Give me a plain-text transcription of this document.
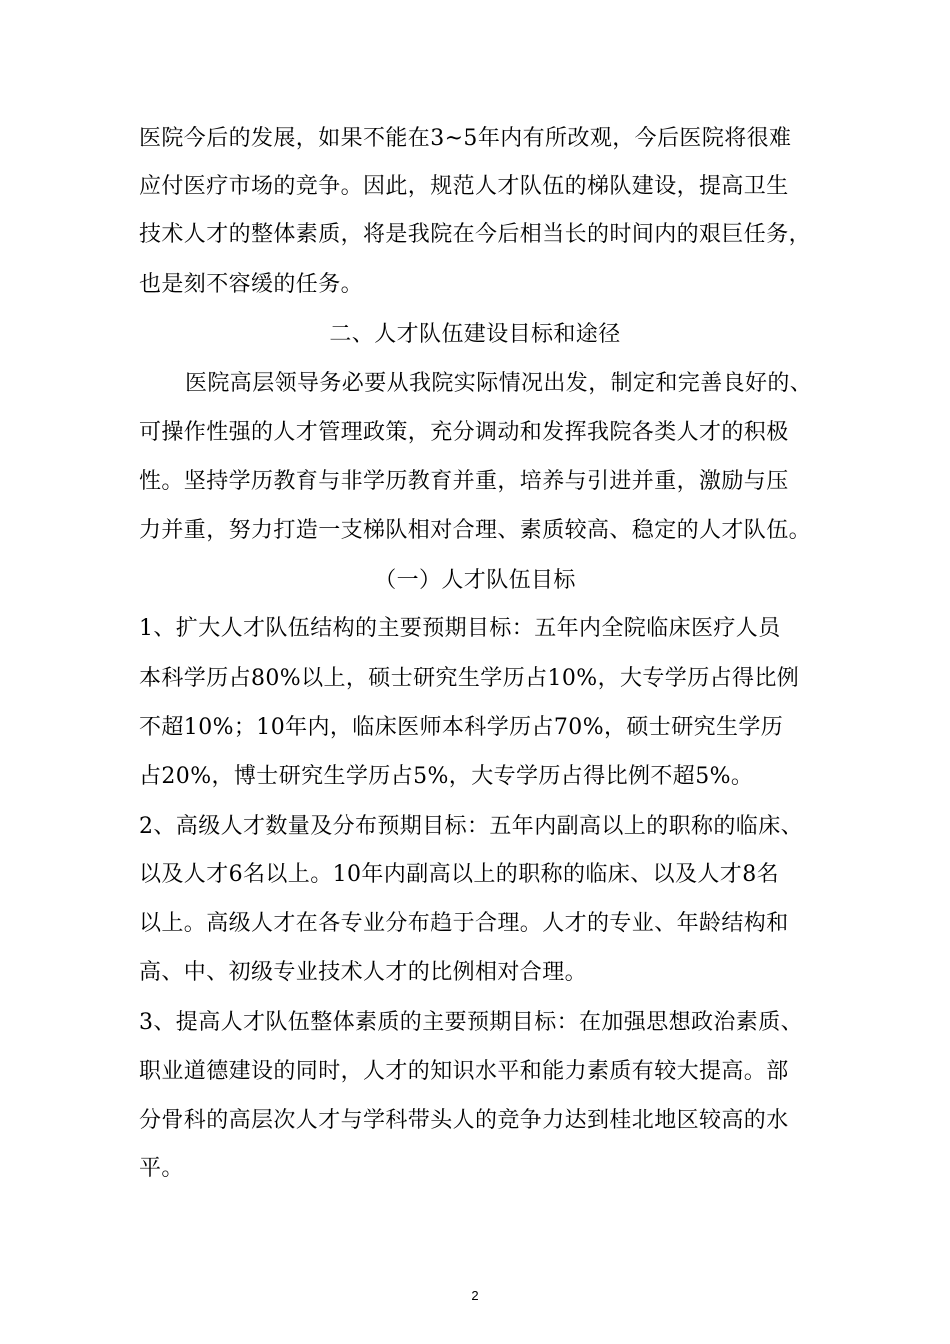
医院今后的发展，如果不能在3~5年内有所改观，今后医院将很难
应付医疗市场的竞争。因此，规范人才队伍的梯队建设，提高卫生
技术人才的整体素质，将是我院在今后相当长的时间内的艰巨任务，
也是刻不容缓的任务。
二、人才队伍建设目标和途径
医院高层领导务必要从我院实际情况出发，制定和完善良好的、
可操作性强的人才管理政策，充分调动和发挥我院各类人才的积极
性。坚持学历教育与非学历教育并重，培养与引进并重，激励与压
力并重，努力打造一支梯队相对合理、素质较高、稳定的人才队伍。
（一）人才队伍目标
1、扩大人才队伍结构的主要预期目标：五年内全院临床医疗人员
本科学历占80%以上，硕士研究生学历占10%，大专学历占得比例
不超10%；10年内，临床医师本科学历占70%，硕士研究生学历
占20%，博士研究生学历占5%，大专学历占得比例不超5%。
2、高级人才数量及分布预期目标：五年内副高以上的职称的临床、
以及人才6名以上。10年内副高以上的职称的临床、以及人才8名
以上。高级人才在各专业分布趋于合理。人才的专业、年龄结构和
高、中、初级专业技术人才的比例相对合理。
3、提高人才队伍整体素质的主要预期目标：在加强思想政治素质、
职业道德建设的同时，人才的知识水平和能力素质有较大提高。部
分骨科的高层次人才与学科带头人的竞争力达到桂北地区较高的水
平。
2
